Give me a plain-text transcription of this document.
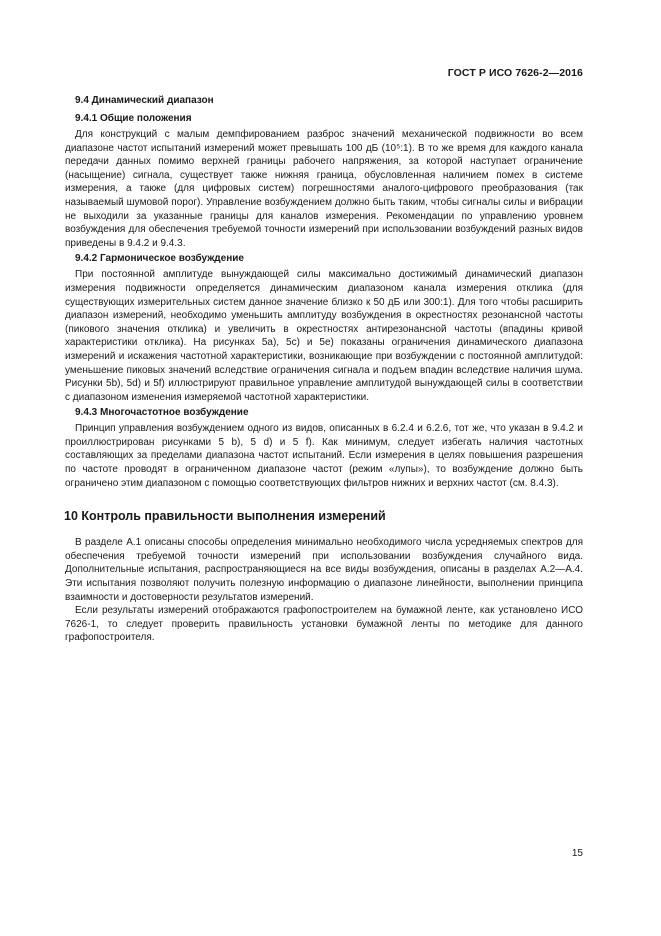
ГОСТ Р ИСО 7626-2—2016
9.4 Динамический диапазон
9.4.1 Общие положения

Для конструкций с малым демпфированием разброс значений механической подвижности во всем диапазоне частот испытаний измерений может превышать 100 дБ (10⁵:1). В то же время для каждого канала передачи данных помимо верхней границы рабочего напряжения, за которой наступает ограничение (насыщение) сигнала, существует также нижняя граница, обусловленная наличием помех в системе измерения, а также (для цифровых систем) погрешностями аналого-цифрового преобразования (так называемый шумовой порог). Управление возбуждением должно быть таким, чтобы сигналы силы и вибрации не выходили за указанные границы для каналов измерения. Рекомендации по управлению уровнем возбуждения для обеспечения требуемой точности измерений при использовании возбуждений разных видов приведены в 9.4.2 и 9.4.3.

9.4.2 Гармоническое возбуждение

При постоянной амплитуде вынуждающей силы максимально достижимый динамический диапазон измерения подвижности определяется динамическим диапазоном канала измерения отклика (для существующих измерительных систем данное значение близко к 50 дБ или 300:1). Для того чтобы расширить диапазон измерений, необходимо уменьшить амплитуду возбуждения в окрестностях резонансной частоты (пикового значения отклика) и увеличить в окрестностях антирезонансной частоты (впадины кривой характеристики отклика). На рисунках 5a), 5c) и 5e) показаны ограничения динамического диапазона измерений и искажения частотной характеристики, возникающие при возбуждении с постоянной амплитудой: уменьшение пиковых значений вследствие ограничения сигнала и подъем впадин вследствие наличия шума. Рисунки 5b), 5d) и 5f) иллюстрируют правильное управление амплитудой вынуждающей силы в соответствии с диапазоном изменения измеряемой частотной характеристики.

9.4.3 Многочастотное возбуждение

Принцип управления возбуждением одного из видов, описанных в 6.2.4 и 6.2.6, тот же, что указан в 9.4.2 и проиллюстрирован рисунками 5 b), 5 d) и 5 f). Как минимум, следует избегать наличия частотных составляющих за пределами диапазона частот испытаний. Если измерения в целях повышения разрешения по частоте проводят в ограниченном диапазоне частот (режим «лупы»), то возбуждение должно быть ограничено этим диапазоном с помощью соответствующих фильтров нижних и верхних частот (см. 8.4.3).

10 Контроль правильности выполнения измерений

В разделе А.1 описаны способы определения минимально необходимого числа усредняемых спектров для обеспечения требуемой точности измерений при использовании возбуждения случайного вида. Дополнительные испытания, распространяющиеся на все виды возбуждения, описаны в разделах А.2—А.4. Эти испытания позволяют получить полезную информацию о диапазоне линейности, выполнении принципа взаимности и достоверности результатов измерений.

Если результаты измерений отображаются графопостроителем на бумажной ленте, как установлено ИСО 7626-1, то следует проверить правильность установки бумажной ленты по методике для данного графопостроителя.

15
